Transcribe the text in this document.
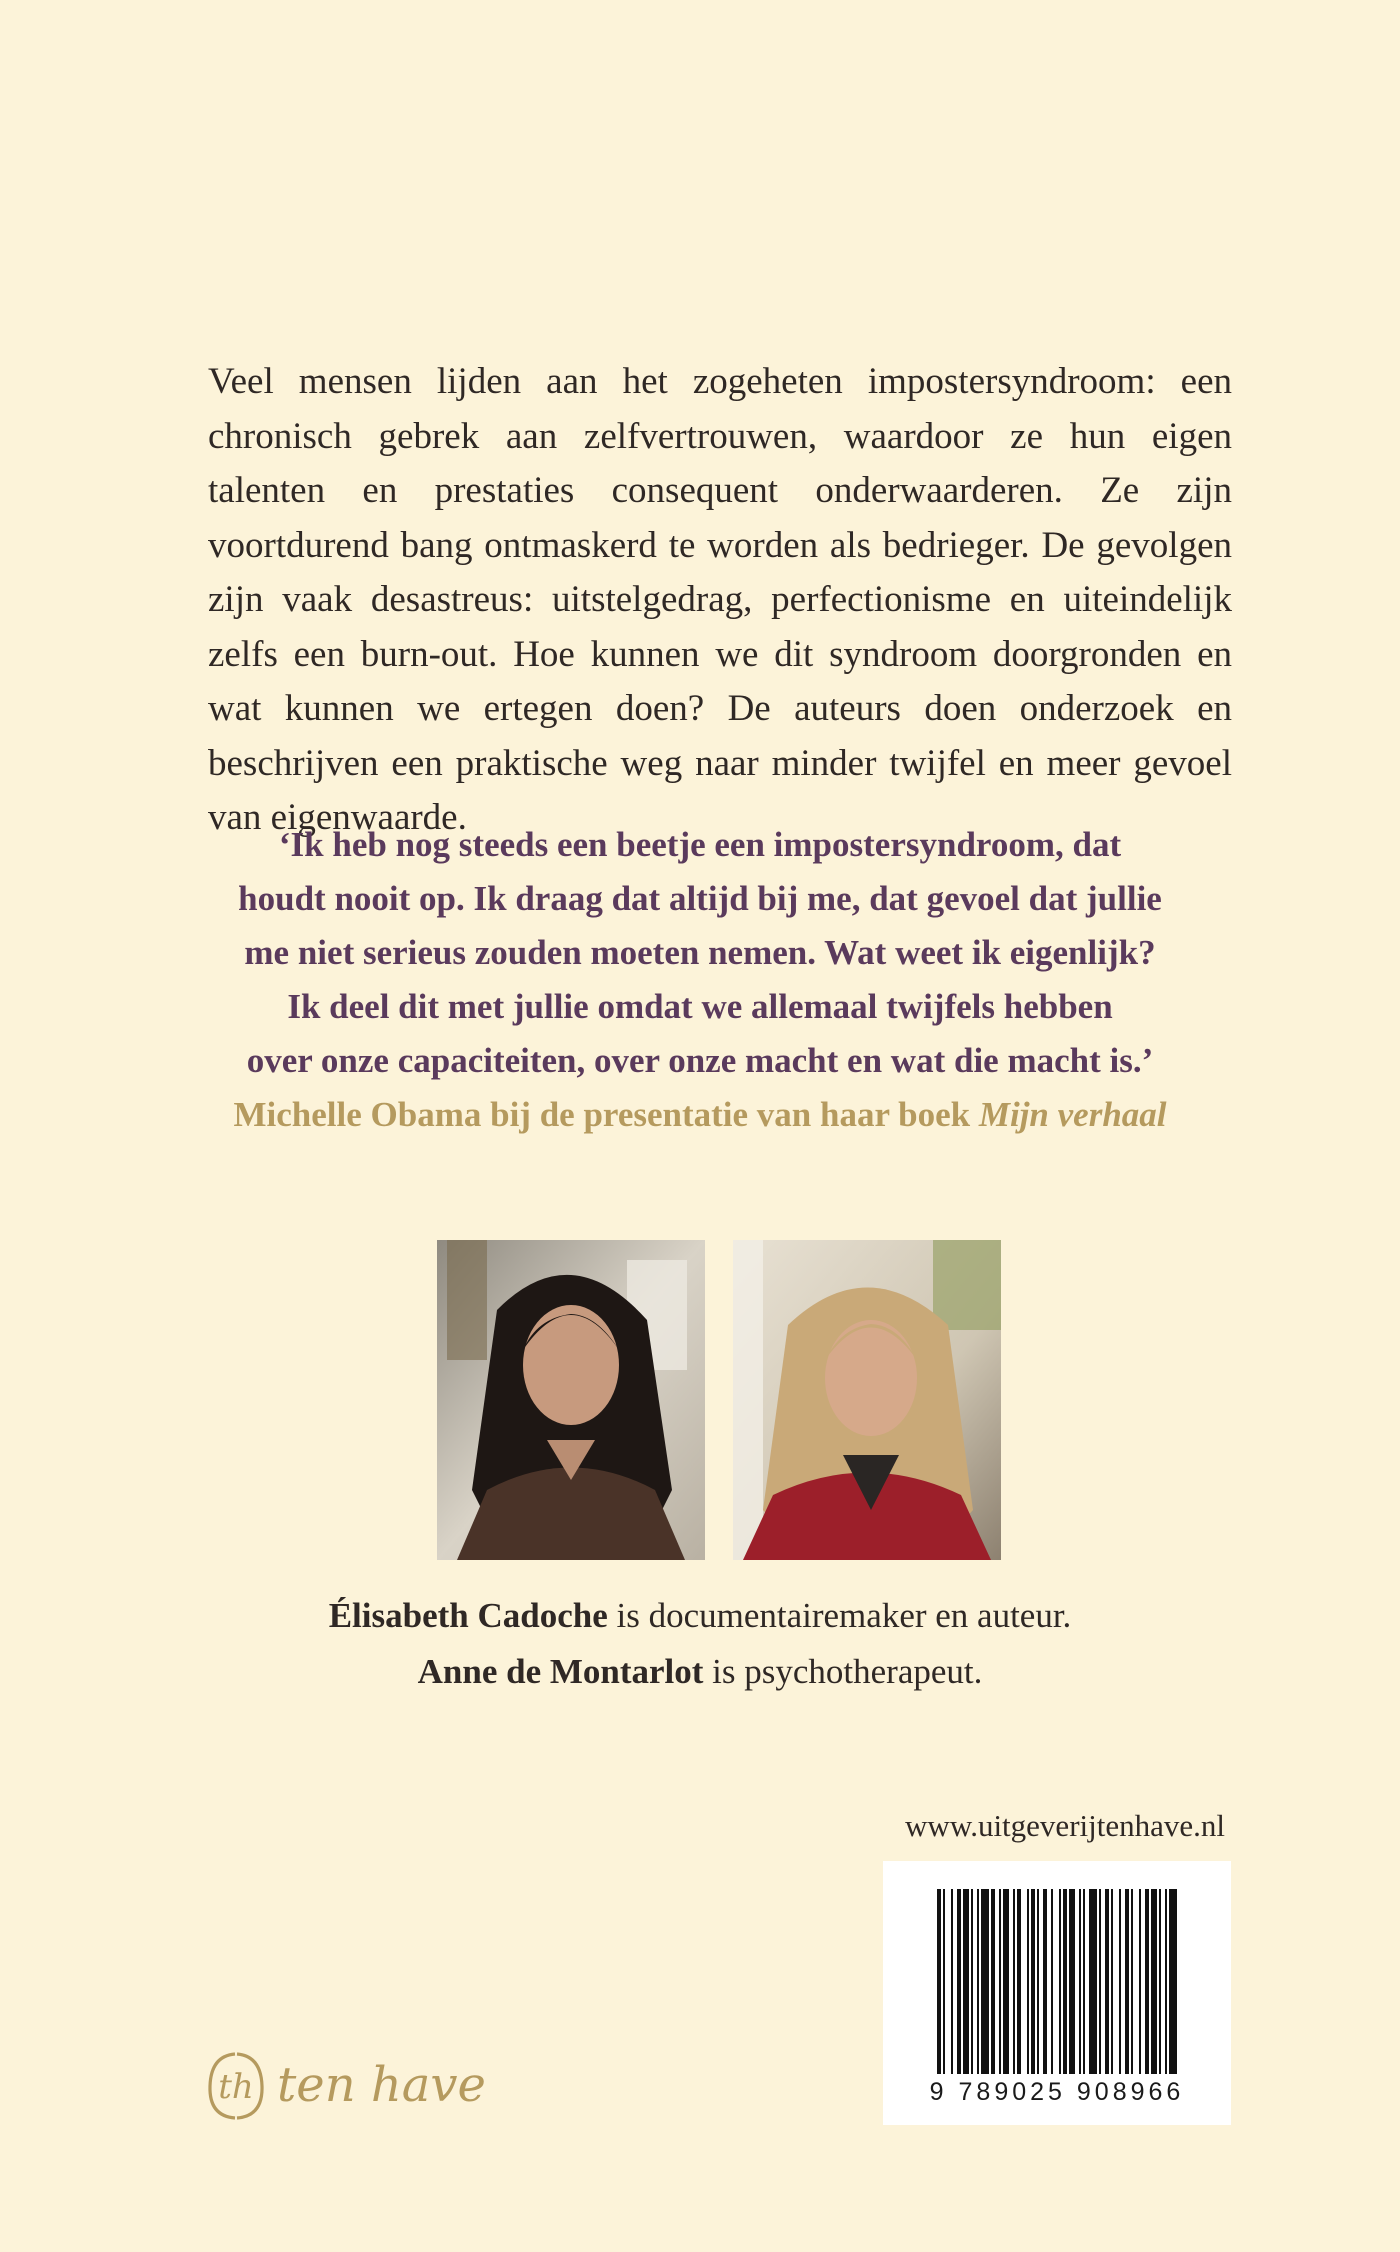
Veel mensen lijden aan het zogeheten impostersyndroom: een chronisch gebrek aan zelfvertrouwen, waardoor ze hun eigen talenten en prestaties consequent onderwaarderen. Ze zijn voortdurend bang ontmaskerd te worden als bedrieger. De gevolgen zijn vaak desastreus: uitstelgedrag, perfectionisme en uiteindelijk zelfs een burn-out. Hoe kunnen we dit syndroom doorgronden en wat kunnen we ertegen doen? De auteurs doen onderzoek en beschrijven een praktische weg naar minder twijfel en meer gevoel van eigenwaarde.

‘Ik heb nog steeds een beetje een impostersyndroom, dat
houdt nooit op. Ik draag dat altijd bij me, dat gevoel dat jullie
me niet serieus zouden moeten nemen. Wat weet ik eigenlijk?
Ik deel dit met jullie omdat we allemaal twijfels hebben
over onze capaciteiten, over onze macht en wat die macht is.’
Michelle Obama bij de presentatie van haar boek Mijn verhaal
Élisabeth Cadoche is documentairemaker en auteur.
Anne de Montarlot is psychotherapeut.
www.uitgeverijtenhave.nl
9 789025 908966
th ten have
